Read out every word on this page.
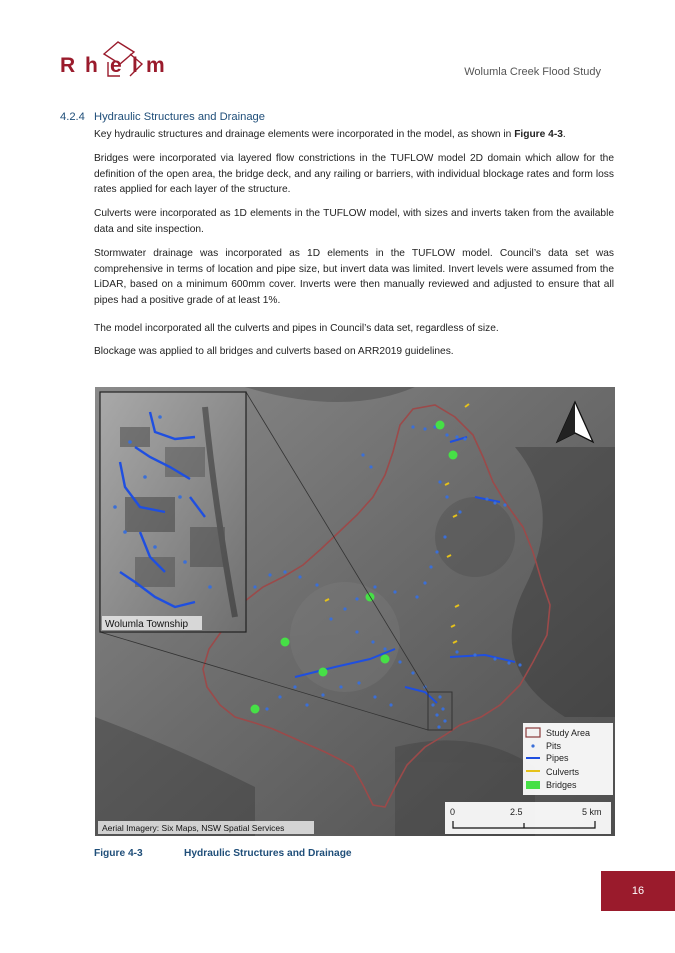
R h e l m	Wolumla Creek Flood Study
4.2.4 Hydraulic Structures and Drainage
Key hydraulic structures and drainage elements were incorporated in the model, as shown in Figure 4-3.
Bridges were incorporated via layered flow constrictions in the TUFLOW model 2D domain which allow for the definition of the open area, the bridge deck, and any railing or barriers, with individual blockage rates and form loss rates applied for each layer of the structure.
Culverts were incorporated as 1D elements in the TUFLOW model, with sizes and inverts taken from the available data and site inspection.
Stormwater drainage was incorporated as 1D elements in the TUFLOW model. Council’s data set was comprehensive in terms of location and pipe size, but invert data was limited. Invert levels were assumed from the LiDAR, based on a minimum 600mm cover. Inverts were then manually reviewed and adjusted to ensure that all pipes had a positive grade of at least 1%.
The model incorporated all the culverts and pipes in Council’s data set, regardless of size.
Blockage was applied to all bridges and culverts based on ARR2019 guidelines.
Wolumla Township
Study Area
Pits
Pipes
Culverts
Bridges
0	2.5	5 km
Aerial Imagery: Six Maps, NSW Spatial Services
Figure 4-3	Hydraulic Structures and Drainage
16
